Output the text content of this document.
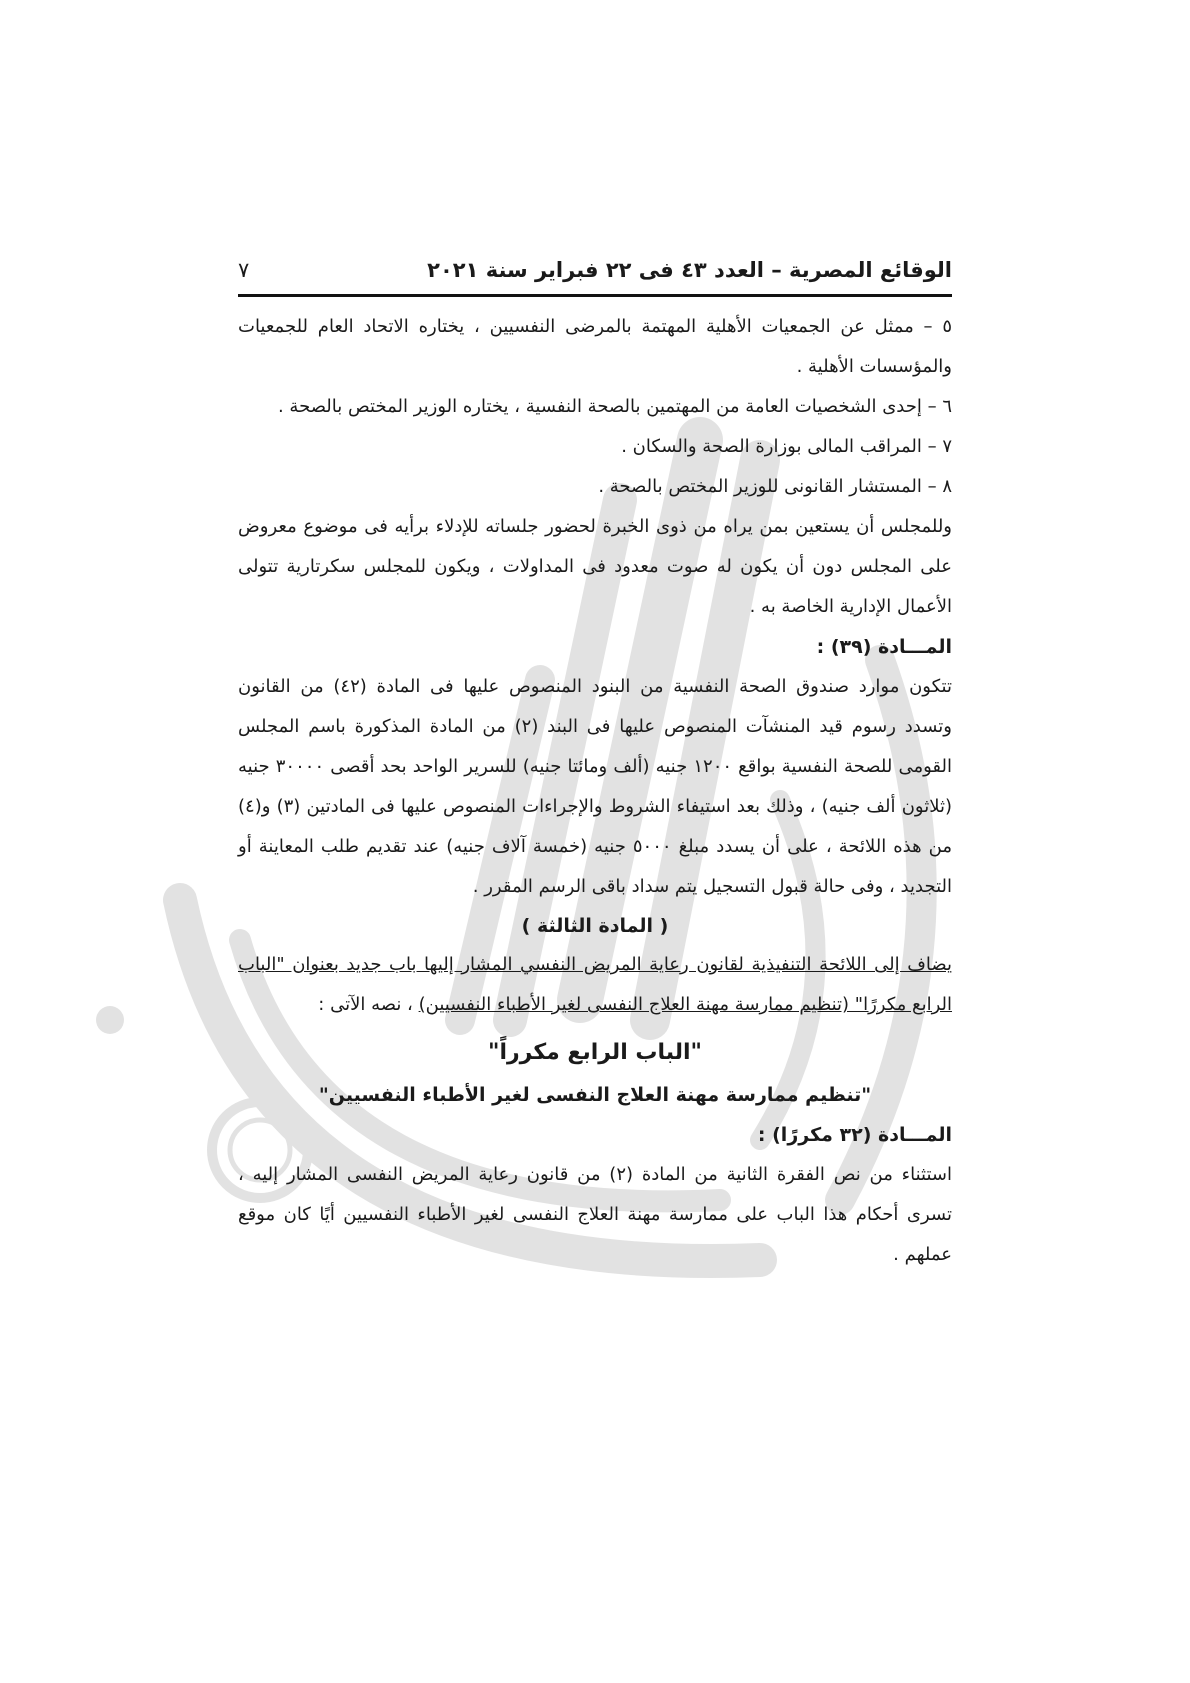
الوقائع المصرية – العدد ٤٣ فى ٢٢ فبراير سنة ٢٠٢١
٧

٥ – ممثل عن الجمعيات الأهلية المهتمة بالمرضى النفسيين ، يختاره الاتحاد العام للجمعيات والمؤسسات الأهلية .

٦ – إحدى الشخصيات العامة من المهتمين بالصحة النفسية ، يختاره الوزير المختص بالصحة .

٧ – المراقب المالى بوزارة الصحة والسكان .

٨ – المستشار القانونى للوزير المختص بالصحة .

وللمجلس أن يستعين بمن يراه من ذوى الخبرة لحضور جلساته للإدلاء برأيه فى موضوع معروض على المجلس دون أن يكون له صوت معدود فى المداولات ، ويكون للمجلس سكرتارية تتولى الأعمال الإدارية الخاصة به .

المـــادة (٣٩) :

تتكون موارد صندوق الصحة النفسية من البنود المنصوص عليها فى المادة (٤٢) من القانون وتسدد رسوم قيد المنشآت المنصوص عليها فى البند (٢) من المادة المذكورة باسم المجلس القومى للصحة النفسية بواقع ١٢٠٠ جنيه (ألف ومائتا جنيه) للسرير الواحد بحد أقصى ٣٠٠٠٠ جنيه (ثلاثون ألف جنيه) ، وذلك بعد استيفاء الشروط والإجراءات المنصوص عليها فى المادتين (٣) و(٤) من هذه اللائحة ، على أن يسدد مبلغ ٥٠٠٠ جنيه (خمسة آلاف جنيه) عند تقديم طلب المعاينة أو التجديد ، وفى حالة قبول التسجيل يتم سداد باقى الرسم المقرر .

( المادة الثالثة )

يضاف إلى اللائحة التنفيذية لقانون رعاية المريض النفسي المشار إليها باب جديد بعنوان "الباب الرابع مكررًا" (تنظيم ممارسة مهنة العلاج النفسى لغير الأطباء النفسيين) ، نصه الآتى :

"الباب الرابع مكرراً"

"تنظيم ممارسة مهنة العلاج النفسى لغير الأطباء النفسيين"

المـــادة (٣٢ مكررًا) :

استثناء من نص الفقرة الثانية من المادة (٢) من قانون رعاية المريض النفسى المشار إليه ، تسرى أحكام هذا الباب على ممارسة مهنة العلاج النفسى لغير الأطباء النفسيين أيًا كان موقع عملهم .
